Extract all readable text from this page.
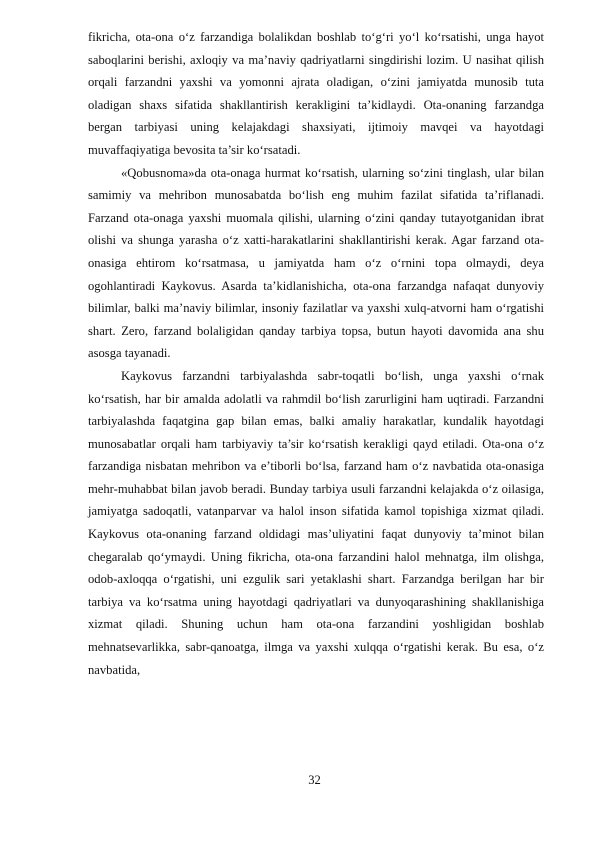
fikricha, ota-ona o‘z farzandiga bolalikdan boshlab to‘g‘ri yo‘l ko‘rsatishi, unga hayot saboqlarini berishi, axloqiy va ma’naviy qadriyatlarni singdirishi lozim. U nasihat qilish orqali farzandni yaxshi va yomonni ajrata oladigan, o‘zini jamiyatda munosib tuta oladigan shaxs sifatida shakllantirish kerakligini ta’kidlaydi. Ota-onaning farzandga bergan tarbiyasi uning kelajakdagi shaxsiyati, ijtimoiy mavqei va hayotdagi muvaffaqiyatiga bevosita ta’sir ko‘rsatadi.

«Qobusnoma»da ota-onaga hurmat ko‘rsatish, ularning so‘zini tinglash, ular bilan samimiy va mehribon munosabatda bo‘lish eng muhim fazilat sifatida ta’riflanadi. Farzand ota-onaga yaxshi muomala qilishi, ularning o‘zini qanday tutayotganidan ibrat olishi va shunga yarasha o‘z xatti-harakatlarini shakllantirishi kerak. Agar farzand ota-onasiga ehtirom ko‘rsatmasa, u jamiyatda ham o‘z o‘rnini topa olmaydi, deya ogohlantiradi Kaykovus. Asarda ta’kidlanishicha, ota-ona farzandga nafaqat dunyoviy bilimlar, balki ma’naviy bilimlar, insoniy fazilatlar va yaxshi xulq-atvorni ham o‘rgatishi shart. Zero, farzand bolaligidan qanday tarbiya topsa, butun hayoti davomida ana shu asosga tayanadi.

Kaykovus farzandni tarbiyalashda sabr-toqatli bo‘lish, unga yaxshi o‘rnak ko‘rsatish, har bir amalda adolatli va rahmdil bo‘lish zarurligini ham uqtiradi. Farzandni tarbiyalashda faqatgina gap bilan emas, balki amaliy harakatlar, kundalik hayotdagi munosabatlar orqali ham tarbiyaviy ta’sir ko‘rsatish kerakligi qayd etiladi. Ota-ona o‘z farzandiga nisbatan mehribon va e’tiborli bo‘lsa, farzand ham o‘z navbatida ota-onasiga mehr-muhabbat bilan javob beradi. Bunday tarbiya usuli farzandni kelajakda o‘z oilasiga, jamiyatga sadoqatli, vatanparvar va halol inson sifatida kamol topishiga xizmat qiladi. Kaykovus ota-onaning farzand oldidagi mas’uliyatini faqat dunyoviy ta’minot bilan chegaralab qo‘ymaydi. Uning fikricha, ota-ona farzandini halol mehnatga, ilm olishga, odob-axloqqa o‘rgatishi, uni ezgulik sari yetaklashi shart. Farzandga berilgan har bir tarbiya va ko‘rsatma uning hayotdagi qadriyatlari va dunyoqarashining shakllanishiga xizmat qiladi. Shuning uchun ham ota-ona farzandini yoshligidan boshlab mehnatsevarlikka, sabr-qanoatga, ilmga va yaxshi xulqqa o‘rgatishi kerak. Bu esa, o‘z navbatida,

32
